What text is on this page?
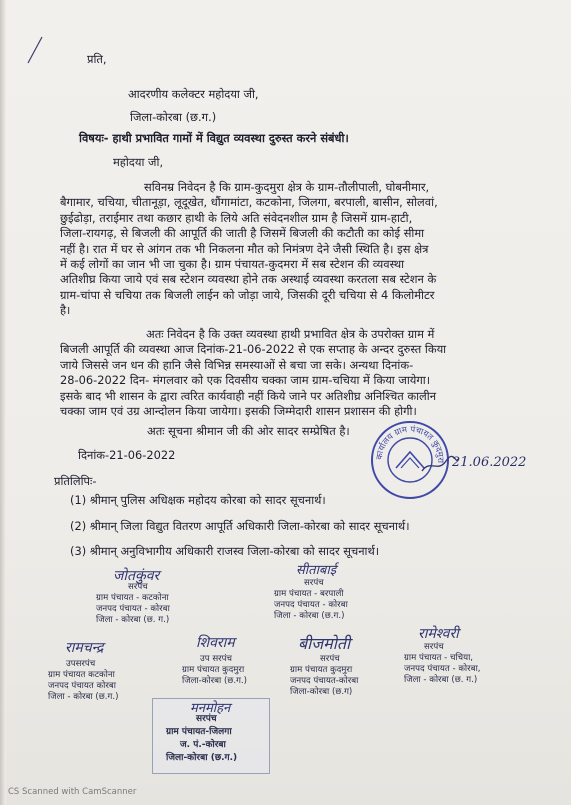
प्रति,
आदरणीय कलेक्टर महोदया जी,
जिला-कोरबा (छ.ग.)
विषयः- हाथी प्रभावित गामों में विद्युत व्यवस्था दुरुस्त करने संबंधी।
महोदया जी,
सविनम्र निवेदन है कि ग्राम-कुदमुरा क्षेत्र के ग्राम-तौलीपाली, घोबनीमार,
बैगामार, चचिया, चीतानूड़ा, लूदूखेत, धौंगामांटा, कटकोना, जिलगा, बरपाली, बासीन, सोलवां,
छुईढोड़ा, तराईमार तथा कछार हाथी के लिये अति संवेदनशील ग्राम है जिसमें ग्राम-हाटी,
जिला-रायगढ़, से बिजली की आपूर्ति की जाती है जिसमें बिजली की कटौती का कोई सीमा
नहीं है। रात में घर से आंगन तक भी निकलना मौत को निमंत्रण देने जैसी स्थिति है। इस क्षेत्र
में कई लोगों का जान भी जा चुका है। ग्राम पंचायत-कुदमरा में सब स्टेशन की व्यवस्था
अतिशीघ्र किया जाये एवं सब स्टेशन व्यवस्था होने तक अस्थाई व्यवस्था करतला सब स्टेशन के
ग्राम-चांपा से चचिया तक बिजली लाईन को जोड़ा जाये, जिसकी दूरी चचिया से 4 किलोमीटर
है।
अतः निवेदन है कि उक्त व्यवस्था हाथी प्रभावित क्षेत्र के उपरोक्त ग्राम में
बिजली आपूर्ति की व्यवस्था आज दिनांक-21-06-2022 से एक सप्ताह के अन्दर दुरुस्त किया
जाये जिससे जन धन की हानि जैसे विभिन्न समस्याओं से बचा जा सके। अन्यथा दिनांक-
28-06-2022 दिन- मंगलवार को एक दिवसीय चक्का जाम ग्राम-चचिया में किया जायेगा।
इसके बाद भी शासन के द्वारा त्वरित कार्यवाही नहीं किये जाने पर अतिशीघ्र अनिश्चित कालीन
चक्का जाम एवं उग्र आन्दोलन किया जायेगा। इसकी जिम्मेदारी शासन प्रशासन की होगी।
अतः सूचना श्रीमान जी की ओर सादर सम्प्रेषित है।
दिनांक-21-06-2022	कार्यालय ग्राम पंचायत कुदमुरा 21.06.2022
प्रतिलिपिः-
(1) श्रीमान् पुलिस अधिक्षक महोदय कोरबा को सादर सूचनार्थ।
(2) श्रीमान् जिला विद्युत वितरण आपूर्ति अधिकारी जिला-कोरबा को सादर सूचनार्थ।
(3) श्रीमान् अनुविभागीय अधिकारी राजस्व जिला-कोरबा को सादर सूचनार्थ।
जोतकुंवर
सरपंच
ग्राम पंचायत - कटकोना
जनपद पंचायत - कोरबा
जिला - कोरबा (छ. ग.)
सीताबाई
सरपंच
ग्राम पंचायत - बरपाली
जनपद पंचायत - कोरबा
जिला - कोरबा (छ.ग.)
रामचन्द्र
उपसरपंच
ग्राम पंचायत कटकोना
जनपद पंचायत कोरबा
जिला - कोरबा (छ.ग.)
शिवराम
उप सरपंच
ग्राम पंचायत कुदमुरा
जिला-कोरबा (छ.ग.)
बीजमोती
सरपंच
ग्राम पंचायत कुदमुरा
जनपद पंचायत-कोरबा
जिला-कोरबा (छ.ग)
रामेश्वरी
सरपंच
ग्राम पंचायत - चचिया,
जनपद पंचायत - कोरबा,
जिला - कोरबा (छ. ग.)
मनमोहन
सरपंच
ग्राम पंचायत-जिलगा
ज. पं.-कोरबा
जिला-कोरबा (छ.ग.)
CS Scanned with CamScanner
